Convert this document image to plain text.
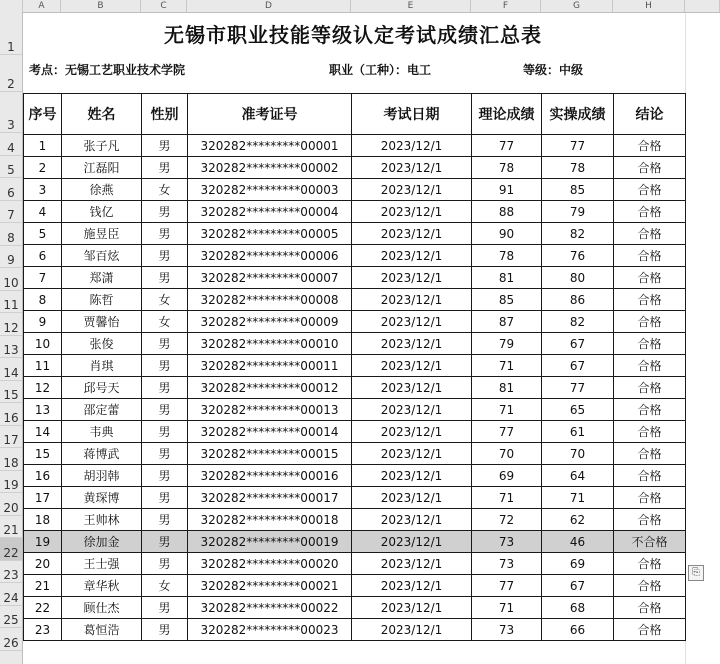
A	B	C	D	E	F	G	H
1
2
3
4
5
6
7
8
9
10
11
12
13
14
15
16
17
18
19
20
21
22
23
24
25
26
无锡市职业技能等级认定考试成绩汇总表
考点：无锡工艺职业技术学院	职业（工种）：电工	等级：中级
序号	姓名	性别	准考证号	考试日期	理论成绩	实操成绩	结论
1	张子凡	男	320282*********00001	2023/12/1	77	77	合格
2	江磊阳	男	320282*********00002	2023/12/1	78	78	合格
3	徐燕	女	320282*********00003	2023/12/1	91	85	合格
4	钱亿	男	320282*********00004	2023/12/1	88	79	合格
5	施昱臣	男	320282*********00005	2023/12/1	90	82	合格
6	邹百炫	男	320282*********00006	2023/12/1	78	76	合格
7	郑潇	男	320282*********00007	2023/12/1	81	80	合格
8	陈哲	女	320282*********00008	2023/12/1	85	86	合格
9	贾馨怡	女	320282*********00009	2023/12/1	87	82	合格
10	张俊	男	320282*********00010	2023/12/1	79	67	合格
11	肖琪	男	320282*********00011	2023/12/1	71	67	合格
12	邱号天	男	320282*********00012	2023/12/1	81	77	合格
13	邵定蕾	男	320282*********00013	2023/12/1	71	65	合格
14	韦典	男	320282*********00014	2023/12/1	77	61	合格
15	蒋博武	男	320282*********00015	2023/12/1	70	70	合格
16	胡羽韩	男	320282*********00016	2023/12/1	69	64	合格
17	黄琛博	男	320282*********00017	2023/12/1	71	71	合格
18	王帅林	男	320282*********00018	2023/12/1	72	62	合格
19	徐加金	男	320282*********00019	2023/12/1	73	46	不合格
20	王士强	男	320282*********00020	2023/12/1	73	69	合格
21	章华秋	女	320282*********00021	2023/12/1	77	67	合格
22	顾仕杰	男	320282*********00022	2023/12/1	71	68	合格
23	葛恒浩	男	320282*********00023	2023/12/1	73	66	合格
⎘
